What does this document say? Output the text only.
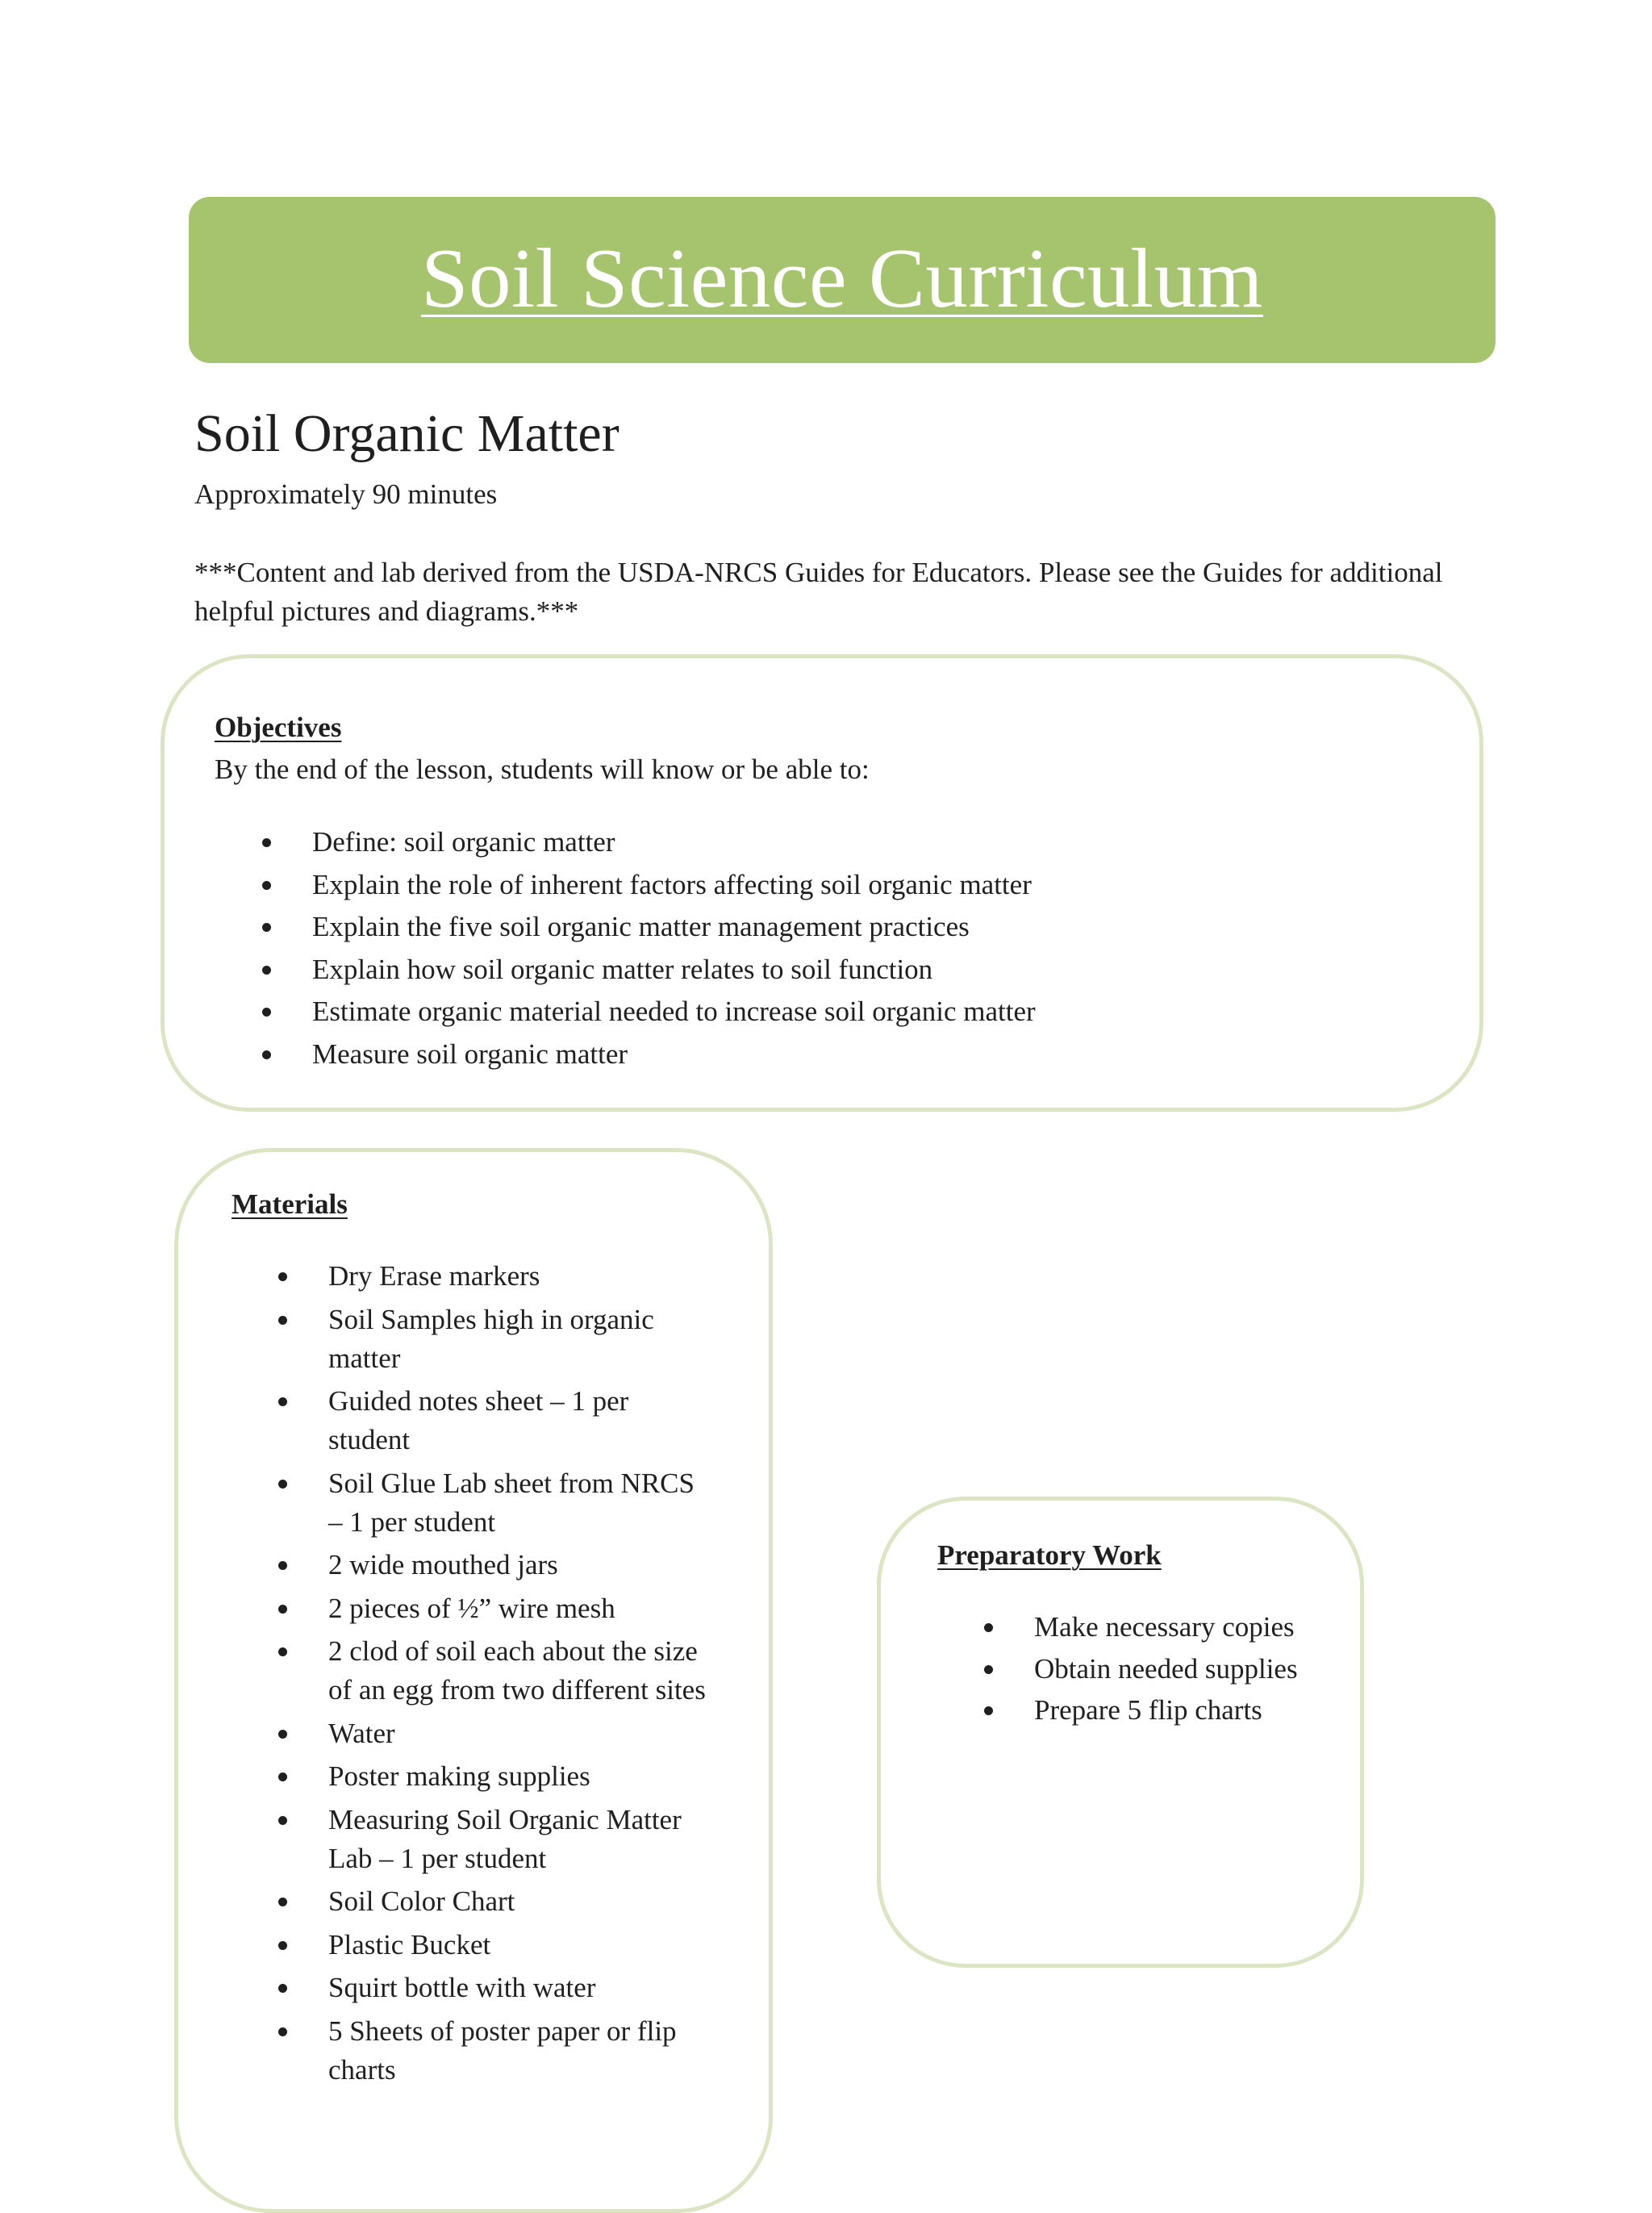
Soil Science Curriculum
Soil Organic Matter
Approximately 90 minutes
***Content and lab derived from the USDA-NRCS Guides for Educators. Please see the Guides for additional helpful pictures and diagrams.***
Objectives
By the end of the lesson, students will know or be able to:
Define: soil organic matter
Explain the role of inherent factors affecting soil organic matter
Explain the five soil organic matter management practices
Explain how soil organic matter relates to soil function
Estimate organic material needed to increase soil organic matter
Measure soil organic matter
Materials
Dry Erase markers
Soil Samples high in organic matter
Guided notes sheet – 1 per student
Soil Glue Lab sheet from NRCS – 1 per student
2 wide mouthed jars
2 pieces of ½” wire mesh
2 clod of soil each about the size of an egg from two different sites
Water
Poster making supplies
Measuring Soil Organic Matter Lab – 1 per student
Soil Color Chart
Plastic Bucket
Squirt bottle with water
5 Sheets of poster paper or flip charts
Preparatory Work
Make necessary copies
Obtain needed supplies
Prepare 5 flip charts
